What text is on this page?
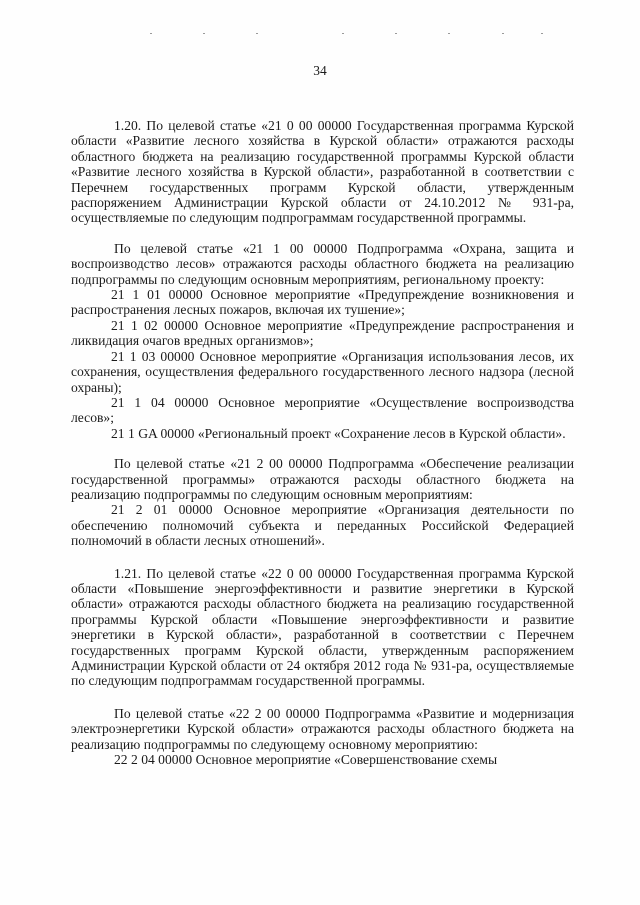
34

1.20. По целевой статье «21 0 00 00000 Государственная программа Курской области «Развитие лесного хозяйства в Курской области» отражаются расходы областного бюджета на реализацию государственной программы Курской области «Развитие лесного хозяйства в Курской области», разработанной в соответствии с Перечнем государственных программ Курской области, утвержденным распоряжением Администрации Курской области от 24.10.2012 № 931-ра, осуществляемые по следующим подпрограммам государственной программы.

По целевой статье «21 1 00 00000 Подпрограмма «Охрана, защита и воспроизводство лесов» отражаются расходы областного бюджета на реализацию подпрограммы по следующим основным мероприятиям, региональному проекту:

21 1 01 00000 Основное мероприятие «Предупреждение возникновения и распространения лесных пожаров, включая их тушение»;

21 1 02 00000 Основное мероприятие «Предупреждение распространения и ликвидация очагов вредных организмов»;

21 1 03 00000 Основное мероприятие «Организация использования лесов, их сохранения, осуществления федерального государственного лесного надзора (лесной охраны);

21 1 04 00000 Основное мероприятие «Осуществление воспроизводства лесов»;

21 1 GA 00000 «Региональный проект «Сохранение лесов в Курской области».

По целевой статье «21 2 00 00000 Подпрограмма «Обеспечение реализации государственной программы» отражаются расходы областного бюджета на реализацию подпрограммы по следующим основным мероприятиям:

21 2 01 00000 Основное мероприятие «Организация деятельности по обеспечению полномочий субъекта и переданных Российской Федерацией полномочий в области лесных отношений».

1.21. По целевой статье «22 0 00 00000 Государственная программа Курской области «Повышение энергоэффективности и развитие энергетики в Курской области» отражаются расходы областного бюджета на реализацию государственной программы Курской области «Повышение энергоэффективности и развитие энергетики в Курской области», разработанной в соответствии с Перечнем государственных программ Курской области, утвержденным распоряжением Администрации Курской области от 24 октября 2012 года № 931-ра, осуществляемые по следующим подпрограммам государственной программы.

По целевой статье «22 2 00 00000 Подпрограмма «Развитие и модернизация электроэнергетики Курской области» отражаются расходы областного бюджета на реализацию подпрограммы по следующему основному мероприятию:

22 2 04 00000 Основное мероприятие «Совершенствование схемы
